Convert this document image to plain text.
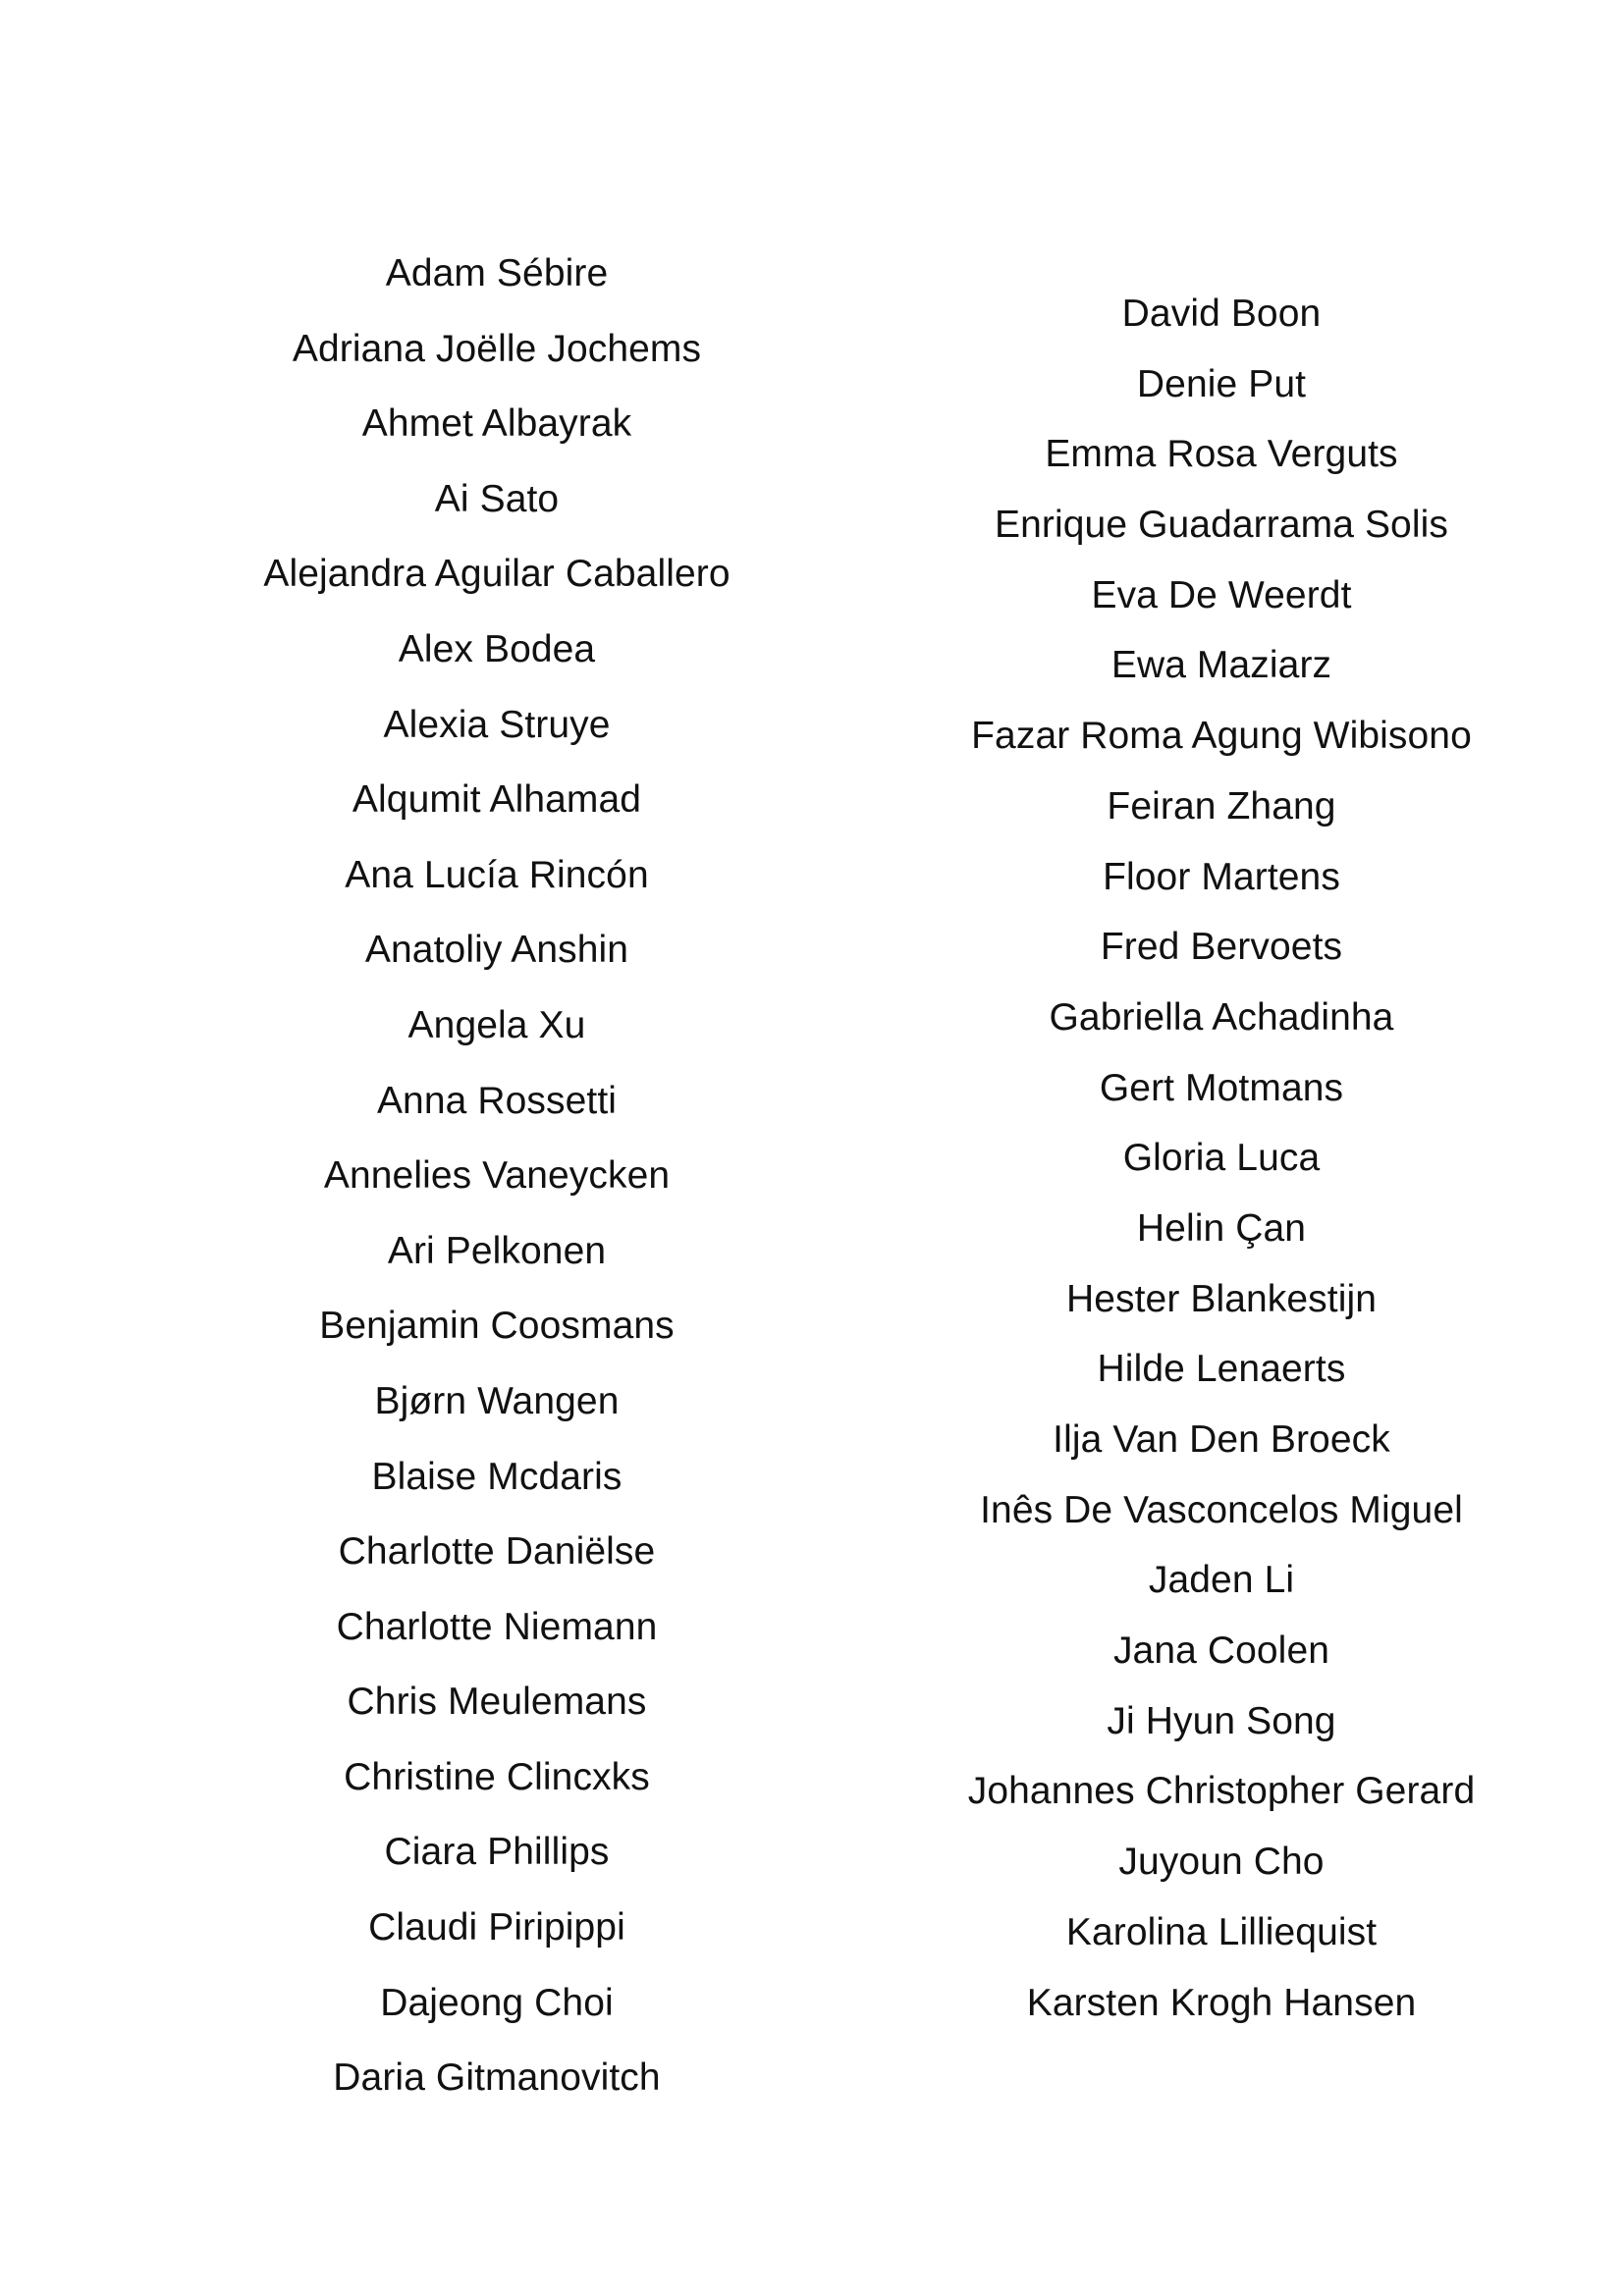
Adam Sébire
Adriana Joëlle Jochems
Ahmet Albayrak
Ai Sato
Alejandra Aguilar Caballero
Alex Bodea
Alexia Struye
Alqumit Alhamad
Ana Lucía Rincón
Anatoliy Anshin
Angela Xu
Anna Rossetti
Annelies Vaneycken
Ari Pelkonen
Benjamin Coosmans
Bjørn Wangen
Blaise Mcdaris
Charlotte Daniëlse
Charlotte Niemann
Chris Meulemans
Christine Clincxks
Ciara Phillips
Claudi Piripippi
Dajeong Choi
Daria Gitmanovitch
David Boon
Denie Put
Emma Rosa Verguts
Enrique Guadarrama Solis
Eva De Weerdt
Ewa Maziarz
Fazar Roma Agung Wibisono
Feiran Zhang
Floor Martens
Fred Bervoets
Gabriella Achadinha
Gert Motmans
Gloria Luca
Helin Çan
Hester Blankestijn
Hilde Lenaerts
Ilja Van Den Broeck
Inês De Vasconcelos Miguel
Jaden Li
Jana Coolen
Ji Hyun Song
Johannes Christopher Gerard
Juyoun Cho
Karolina Lilliequist
Karsten Krogh Hansen
